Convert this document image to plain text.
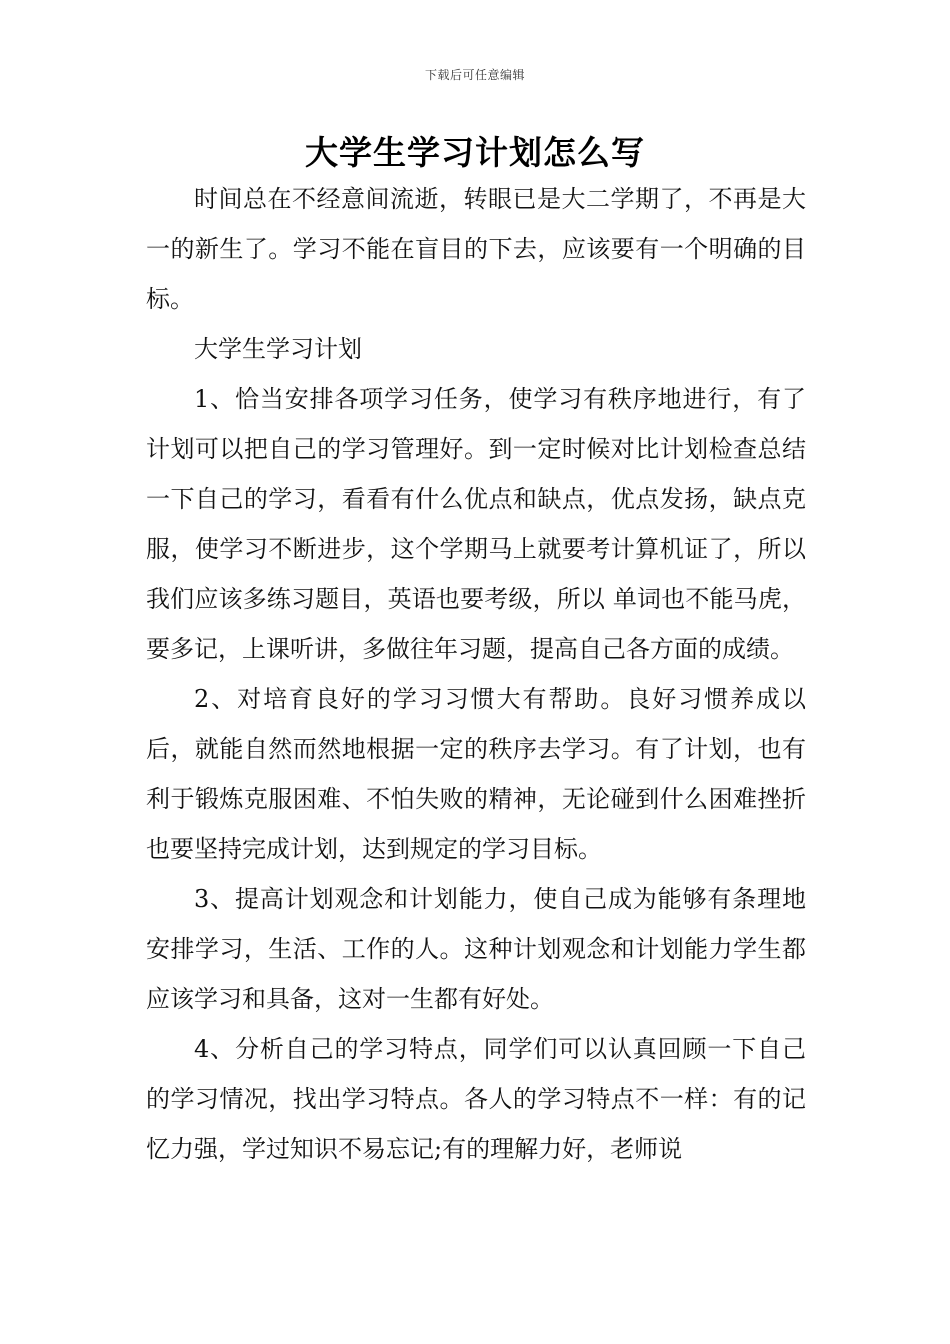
下载后可任意编辑
大学生学习计划怎么写

时间总在不经意间流逝，转眼已是大二学期了，不再是大一的新生了。学习不能在盲目的下去，应该要有一个明确的目标。

大学生学习计划

1、恰当安排各项学习任务，使学习有秩序地进行，有了计划可以把自己的学习管理好。到一定时候对比计划检查总结一下自己的学习，看看有什么优点和缺点，优点发扬，缺点克服，使学习不断进步，这个学期马上就要考计算机证了，所以我们应该多练习题目，英语也要考级，所以 单词也不能马虎，要多记，上课听讲，多做往年习题，提高自己各方面的成绩。

2、对培育良好的学习习惯大有帮助。良好习惯养成以后，就能自然而然地根据一定的秩序去学习。有了计划，也有利于锻炼克服困难、不怕失败的精神，无论碰到什么困难挫折也要坚持完成计划，达到规定的学习目标。

3、提高计划观念和计划能力，使自己成为能够有条理地安排学习，生活、工作的人。这种计划观念和计划能力学生都应该学习和具备，这对一生都有好处。

4、分析自己的学习特点，同学们可以认真回顾一下自己的学习情况，找出学习特点。各人的学习特点不一样：有的记忆力强，学过知识不易忘记;有的理解力好，老师说
